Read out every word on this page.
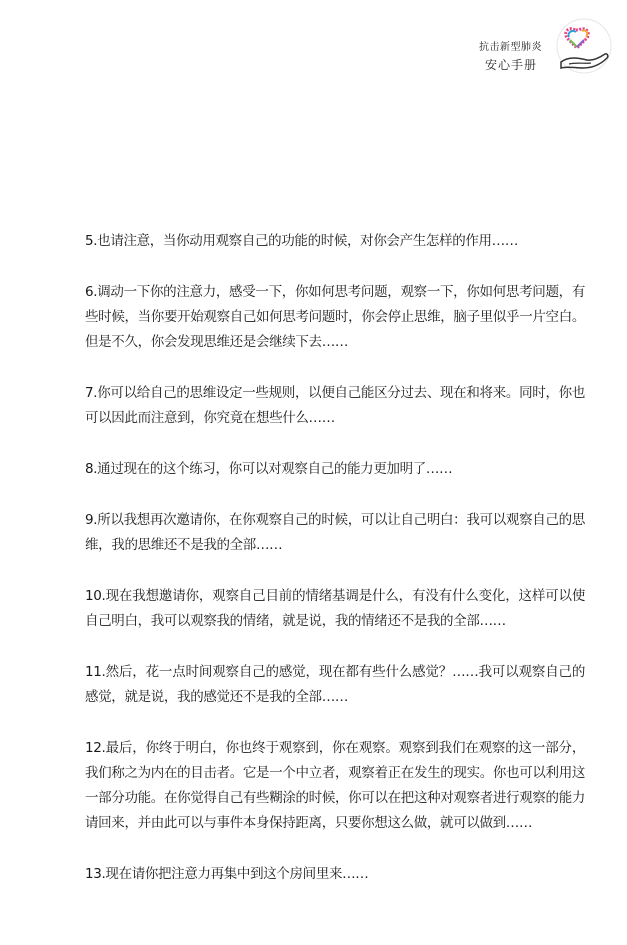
抗击新型肺炎
安心手册

5.也请注意，当你动用观察自己的功能的时候，对你会产生怎样的作用……

6.调动一下你的注意力，感受一下，你如何思考问题，观察一下，你如何思考问题，有些时候，当你要开始观察自己如何思考问题时，你会停止思维，脑子里似乎一片空白。但是不久，你会发现思维还是会继续下去……

7.你可以给自己的思维设定一些规则，以便自己能区分过去、现在和将来。同时，你也可以因此而注意到，你究竟在想些什么……

8.通过现在的这个练习，你可以对观察自己的能力更加明了……

9.所以我想再次邀请你，在你观察自己的时候，可以让自己明白：我可以观察自己的思维，我的思维还不是我的全部……

10.现在我想邀请你，观察自己目前的情绪基调是什么，有没有什么变化，这样可以使自己明白，我可以观察我的情绪，就是说，我的情绪还不是我的全部……

11.然后，花一点时间观察自己的感觉，现在都有些什么感觉？……我可以观察自己的感觉，就是说，我的感觉还不是我的全部……

12.最后，你终于明白，你也终于观察到，你在观察。观察到我们在观察的这一部分，我们称之为内在的目击者。它是一个中立者，观察着正在发生的现实。你也可以利用这一部分功能。在你觉得自己有些糊涂的时候，你可以在把这种对观察者进行观察的能力请回来，并由此可以与事件本身保持距离，只要你想这么做，就可以做到……

13.现在请你把注意力再集中到这个房间里来……
